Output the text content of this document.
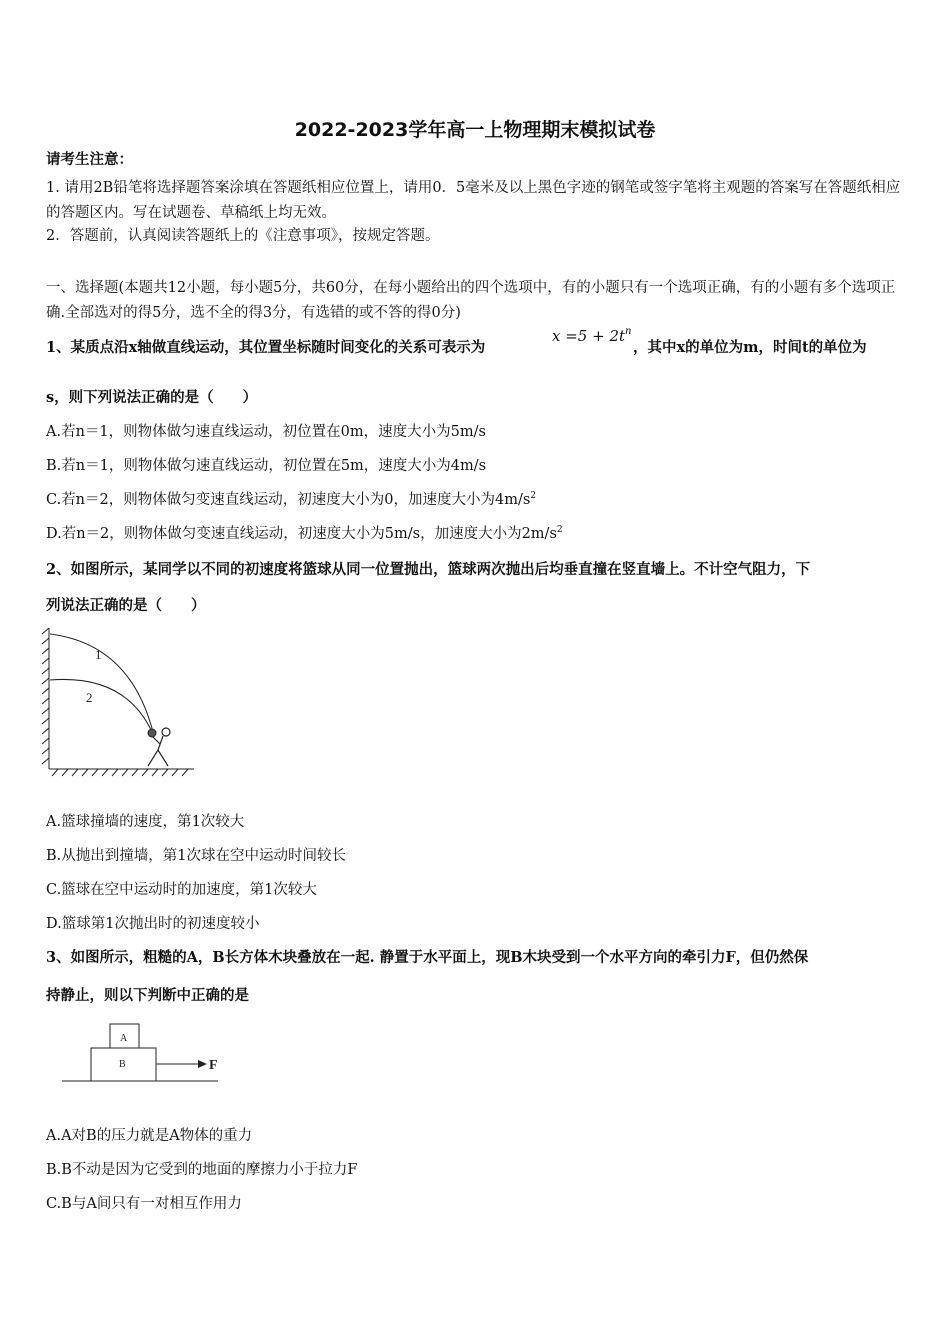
2022-2023学年高一上物理期末模拟试卷
请考生注意：
1. 请用2B铅笔将选择题答案涂填在答题纸相应位置上，请用0．5毫米及以上黑色字迹的钢笔或签字笔将主观题的答案写在答题纸相应的答题区内。写在试题卷、草稿纸上均无效。
2．答题前，认真阅读答题纸上的《注意事项》，按规定答题。
一、选择题(本题共12小题，每小题5分，共60分，在每小题给出的四个选项中，有的小题只有一个选项正确，有的小题有多个选项正确.全部选对的得5分，选不全的得3分，有选错的或不答的得0分)
1、某质点沿x轴做直线运动，其位置坐标随时间变化的关系可表示为
$x =5 + 2t^n$
，其中x的单位为m，时间t的单位为
s，则下列说法正确的是（　　）
A.若n＝1，则物体做匀速直线运动，初位置在0m，速度大小为5m/s
B.若n＝1，则物体做匀速直线运动，初位置在5m，速度大小为4m/s
C.若n＝2，则物体做匀变速直线运动，初速度大小为0，加速度大小为$4m/s^2$
D.若n＝2，则物体做匀变速直线运动，初速度大小为5m/s，加速度大小为$2m/s^2$
2、如图所示，某同学以不同的初速度将篮球从同一位置抛出，篮球两次抛出后均垂直撞在竖直墙上。不计空气阻力，下
列说法正确的是（　　）
1
2
A.篮球撞墙的速度，第1次较大
B.从抛出到撞墙，第1次球在空中运动时间较长
C.篮球在空中运动时的加速度，第1次较大
D.篮球第1次抛出时的初速度较小
3、如图所示，粗糙的A，B长方体木块叠放在一起. 静置于水平面上，现B木块受到一个水平方向的牵引力F，但仍然保
持静止，则以下判断中正确的是
A
B	F
A.A对B的压力就是A物体的重力
B.B不动是因为它受到的地面的摩擦力小于拉力F
C.B与A间只有一对相互作用力
